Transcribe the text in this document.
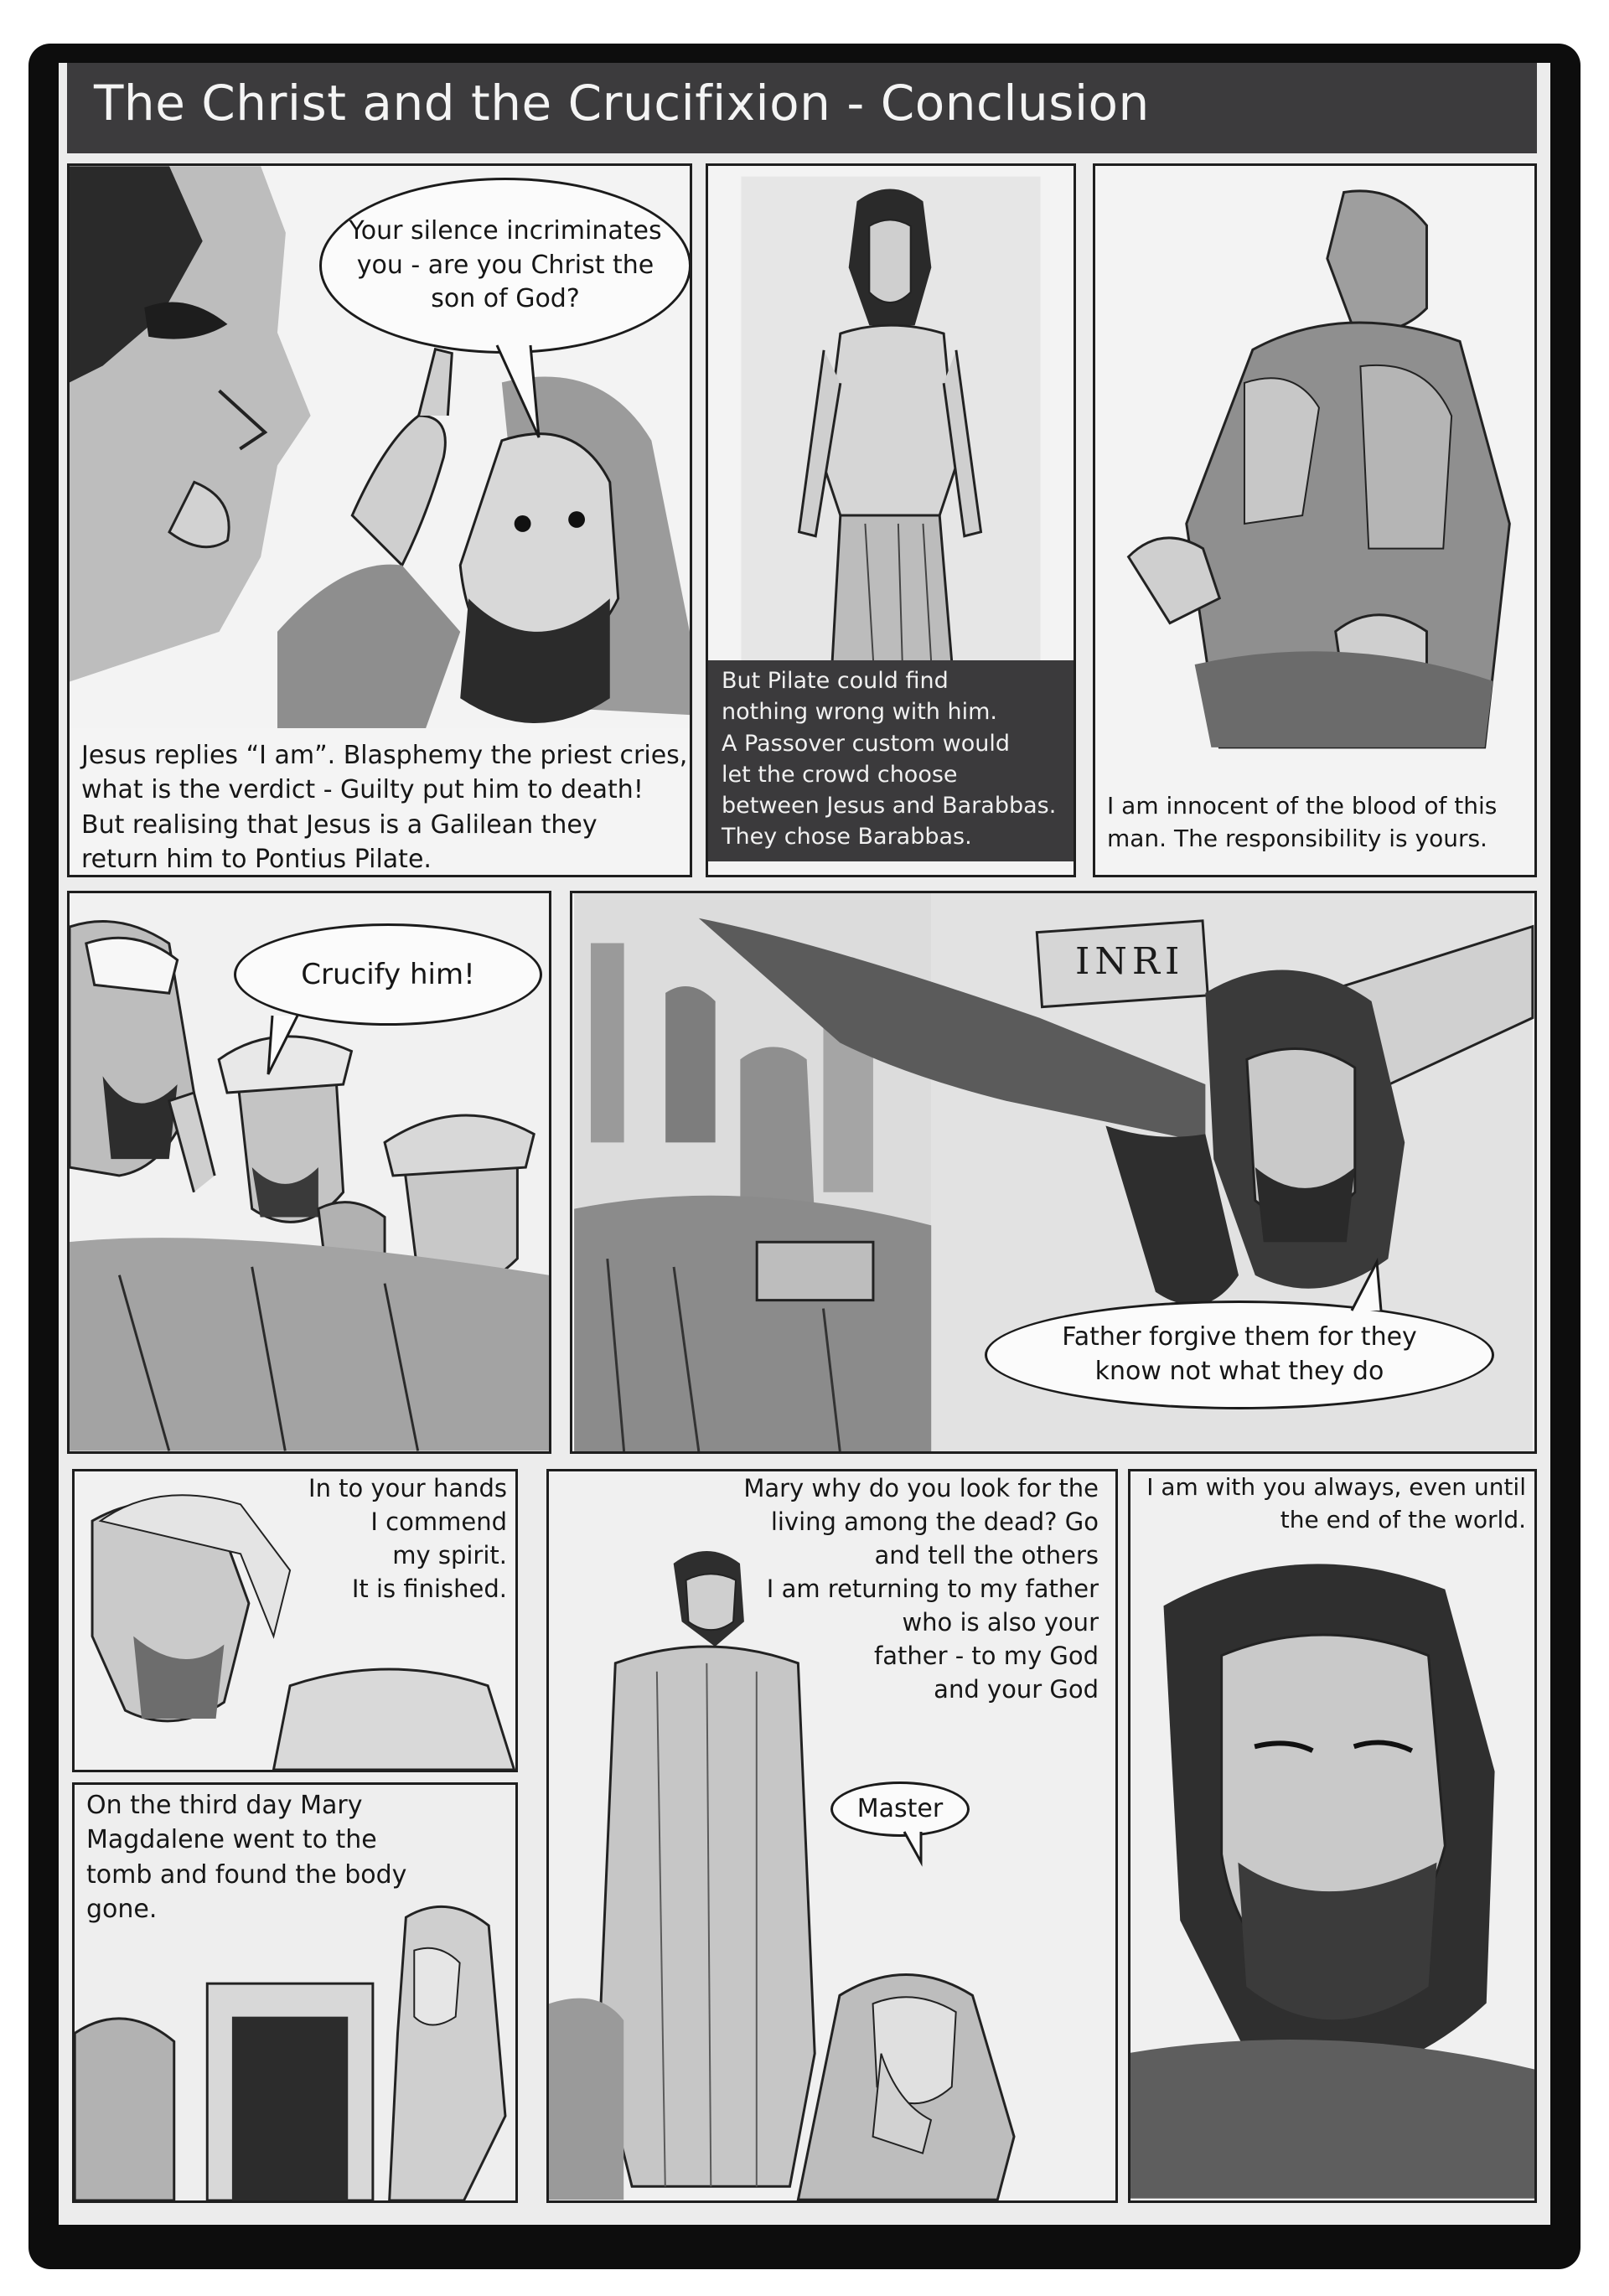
The Christ and the Crucifixion - Conclusion
Your silence incriminates
you - are you Christ the
son of God?
Jesus replies “I am”. Blasphemy the priest cries,
what is the verdict - Guilty put him to death!
But realising that Jesus is a Galilean they
return him to Pontius Pilate.
But Pilate could find
nothing wrong with him.
A Passover custom would
let the crowd choose
between Jesus and Barabbas.
They chose Barabbas.
I am innocent of the blood of this
man. The responsibility is yours.
Crucify him!	INRI
Father forgive them for they
know not what they do
In to your hands
I commend
my spirit.
It is finished.
On the third day Mary
Magdalene went to the
tomb and found the body
gone.
Mary why do you look for the
living among the dead? Go
and tell the others
I am returning to my father
who is also your
father - to my God
and your God
Master
I am with you always, even until
the end of the world.
